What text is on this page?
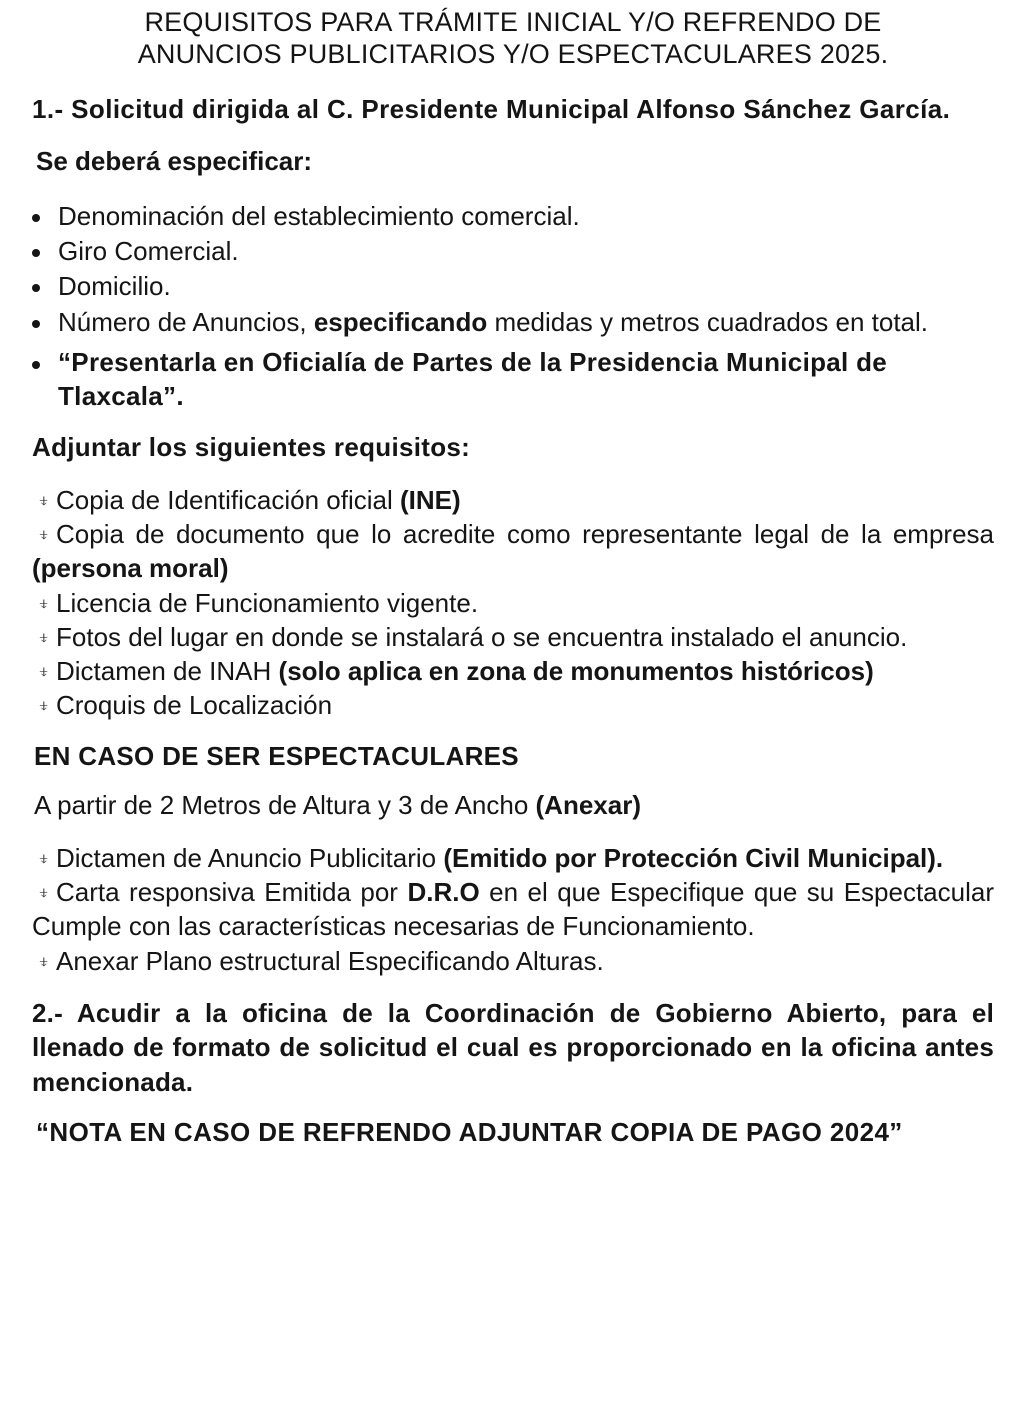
REQUISITOS PARA TRÁMITE INICIAL Y/O REFRENDO DE
ANUNCIOS PUBLICITARIOS Y/O ESPECTACULARES 2025.

1.- Solicitud dirigida al C. Presidente Municipal Alfonso Sánchez García.

Se deberá especificar:

Denominación del establecimiento comercial.
Giro Comercial.
Domicilio.
Número de Anuncios, especificando medidas y metros cuadrados en total.
“Presentarla en Oficialía de Partes de la Presidencia Municipal de Tlaxcala”.

Adjuntar los siguientes requisitos:

⍖ Copia de Identificación oficial (INE)
⍖ Copia de documento que lo acredite como representante legal de la empresa (persona moral)
⍖ Licencia de Funcionamiento vigente.
⍖ Fotos del lugar en donde se instalará o se encuentra instalado el anuncio.
⍖ Dictamen de INAH (solo aplica en zona de monumentos históricos)
⍖ Croquis de Localización

EN CASO DE SER ESPECTACULARES

A partir de 2 Metros de Altura y 3 de Ancho (Anexar)

⍖ Dictamen de Anuncio Publicitario (Emitido por Protección Civil Municipal).
⍖ Carta responsiva Emitida por D.R.O en el que Especifique que su Espectacular Cumple con las características necesarias de Funcionamiento.
⍖ Anexar Plano estructural Especificando Alturas.

2.- Acudir a la oficina de la Coordinación de Gobierno Abierto, para el llenado de formato de solicitud el cual es proporcionado en la oficina antes mencionada.

“NOTA EN CASO DE REFRENDO ADJUNTAR COPIA DE PAGO 2024”
